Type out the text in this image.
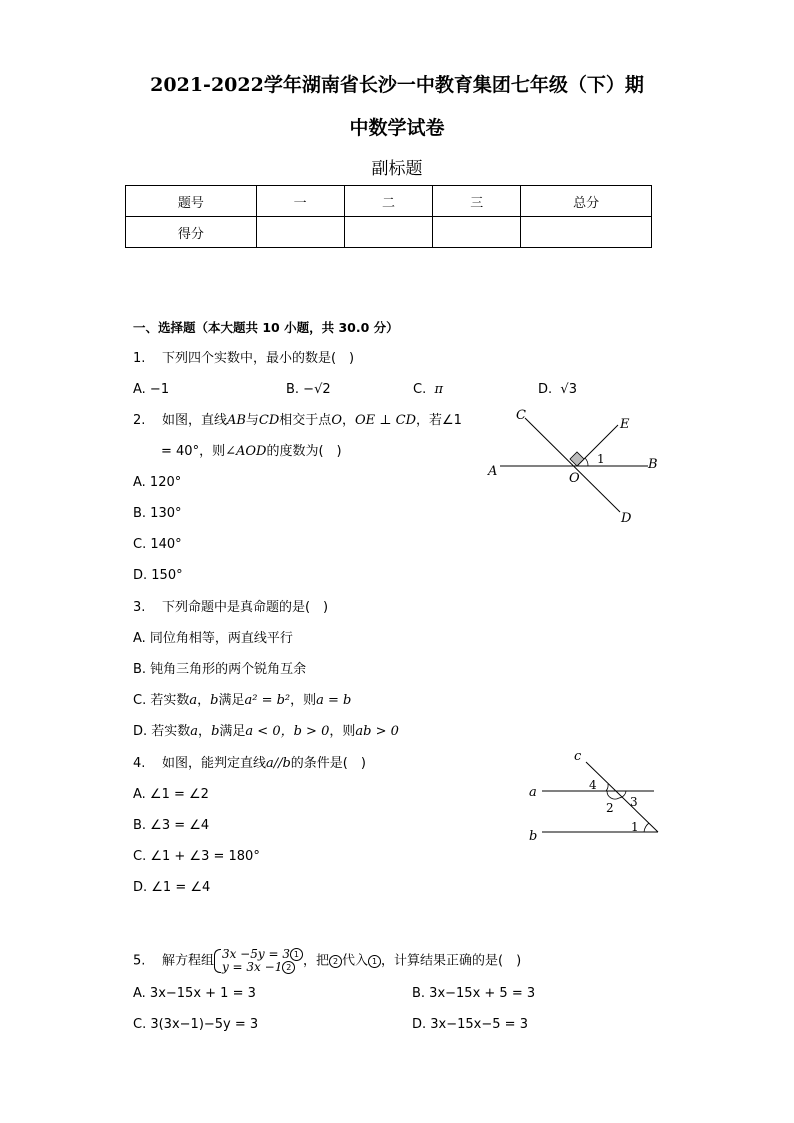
2021-2022学年湖南省长沙一中教育集团七年级（下）期
中数学试卷
副标题
题号	一	二	三	总分
得分				
一、选择题（本大题共 10 小题，共 30.0 分）
1. 下列四个实数中，最小的数是(　)
A. −1	B. −√2	C. π	D. √3
2. 如图，直线AB与CD相交于点O，OE ⊥ CD，若∠1
= 40°，则∠AOD的度数为(　)
A. 120°
B. 130°
C. 140°
D. 150°
C
E
A	B
O
D
1
3. 下列命题中是真命题的是(　)
A. 同位角相等，两直线平行
B. 钝角三角形的两个锐角互余
C. 若实数a，b满足a² = b²，则a = b
D. 若实数a，b满足a < 0，b > 0，则ab > 0
4. 如图，能判定直线a//b的条件是(　)
A. ∠1 = ∠2
B. ∠3 = ∠4
C. ∠1 + ∠3 = 180°
D. ∠1 = ∠4
c
a
b
4
2 3
1
5. 解方程组 3x −5y = 3 1
y = 3x −1 2 ，把 2 代入 1 ，计算结果正确的是(　)
A. 3x−15x + 1 = 3	B. 3x−15x + 5 = 3
C. 3(3x−1)−5y = 3	D. 3x−15x−5 = 3
